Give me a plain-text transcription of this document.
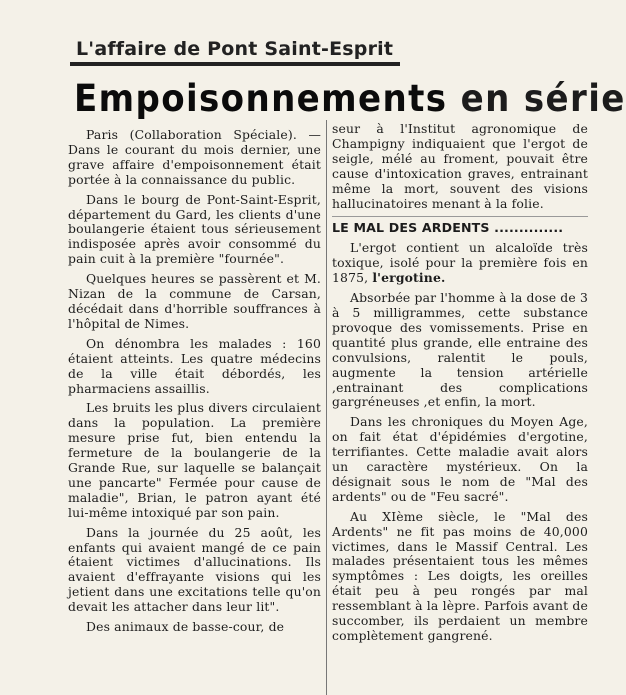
L'affaire de Pont Saint-Esprit
Empoisonnements en série

Paris (Collaboration Spéciale). — Dans le courant du mois dernier, une grave affaire d'empoisonnement était portée à la connaissance du public.

Dans le bourg de Pont-Saint-Esprit, département du Gard, les clients d'une boulangerie étaient tous sérieusement indisposée après avoir consommé du pain cuit à la première "fournée".

Quelques heures se passèrent et M. Nizan de la commune de Carsan, décédait dans d'horrible souffrances à l'hôpital de Nimes.

On dénombra les malades : 160 étaient atteints. Les quatre médecins de la ville était débordés, les pharmaciens assaillis.

Les bruits les plus divers circulaient dans la population. La première mesure prise fut, bien entendu la fermeture de la boulangerie de la Grande Rue, sur laquelle se balançait une pancarte" Fermée pour cause de maladie", Brian, le patron ayant été lui-même intoxiqué par son pain.

Dans la journée du 25 août, les enfants qui avaient mangé de ce pain étaient victimes d'allucinations. Ils avaient d'effrayante visions qui les jetient dans une excitations telle qu'on devait les attacher dans leur lit".

Des animaux de basse-cour, de

seur à l'Institut agronomique de Champigny indiquaient que l'ergot de seigle, mélé au froment, pouvait être cause d'intoxication graves, entrainant même la mort, souvent des visions hallucinatoires menant à la folie.

LE MAL DES ARDENTS ..............

L'ergot contient un alcaloïde très toxique, isolé pour la première fois en 1875, l'ergotine.

Absorbée par l'homme à la dose de 3 à 5 milligrammes, cette substance provoque des vomissements. Prise en quantité plus grande, elle entraine des convulsions, ralentit le pouls, augmente la tension artérielle ,entrainant des complications gargréneuses ,et enfin, la mort.

Dans les chroniques du Moyen Age, on fait état d'épidémies d'ergotine, terrifiantes. Cette maladie avait alors un caractère mystérieux. On la désignait sous le nom de "Mal des ardents" ou de "Feu sacré".

Au XIème siècle, le "Mal des Ardents" ne fit pas moins de 40,000 victimes, dans le Massif Central. Les malades présentaient tous les mêmes symptômes : Les doigts, les oreilles était peu à peu rongés par mal ressemblant à la lèpre. Parfois avant de succomber, ils perdaient un membre complètement gangrené.
